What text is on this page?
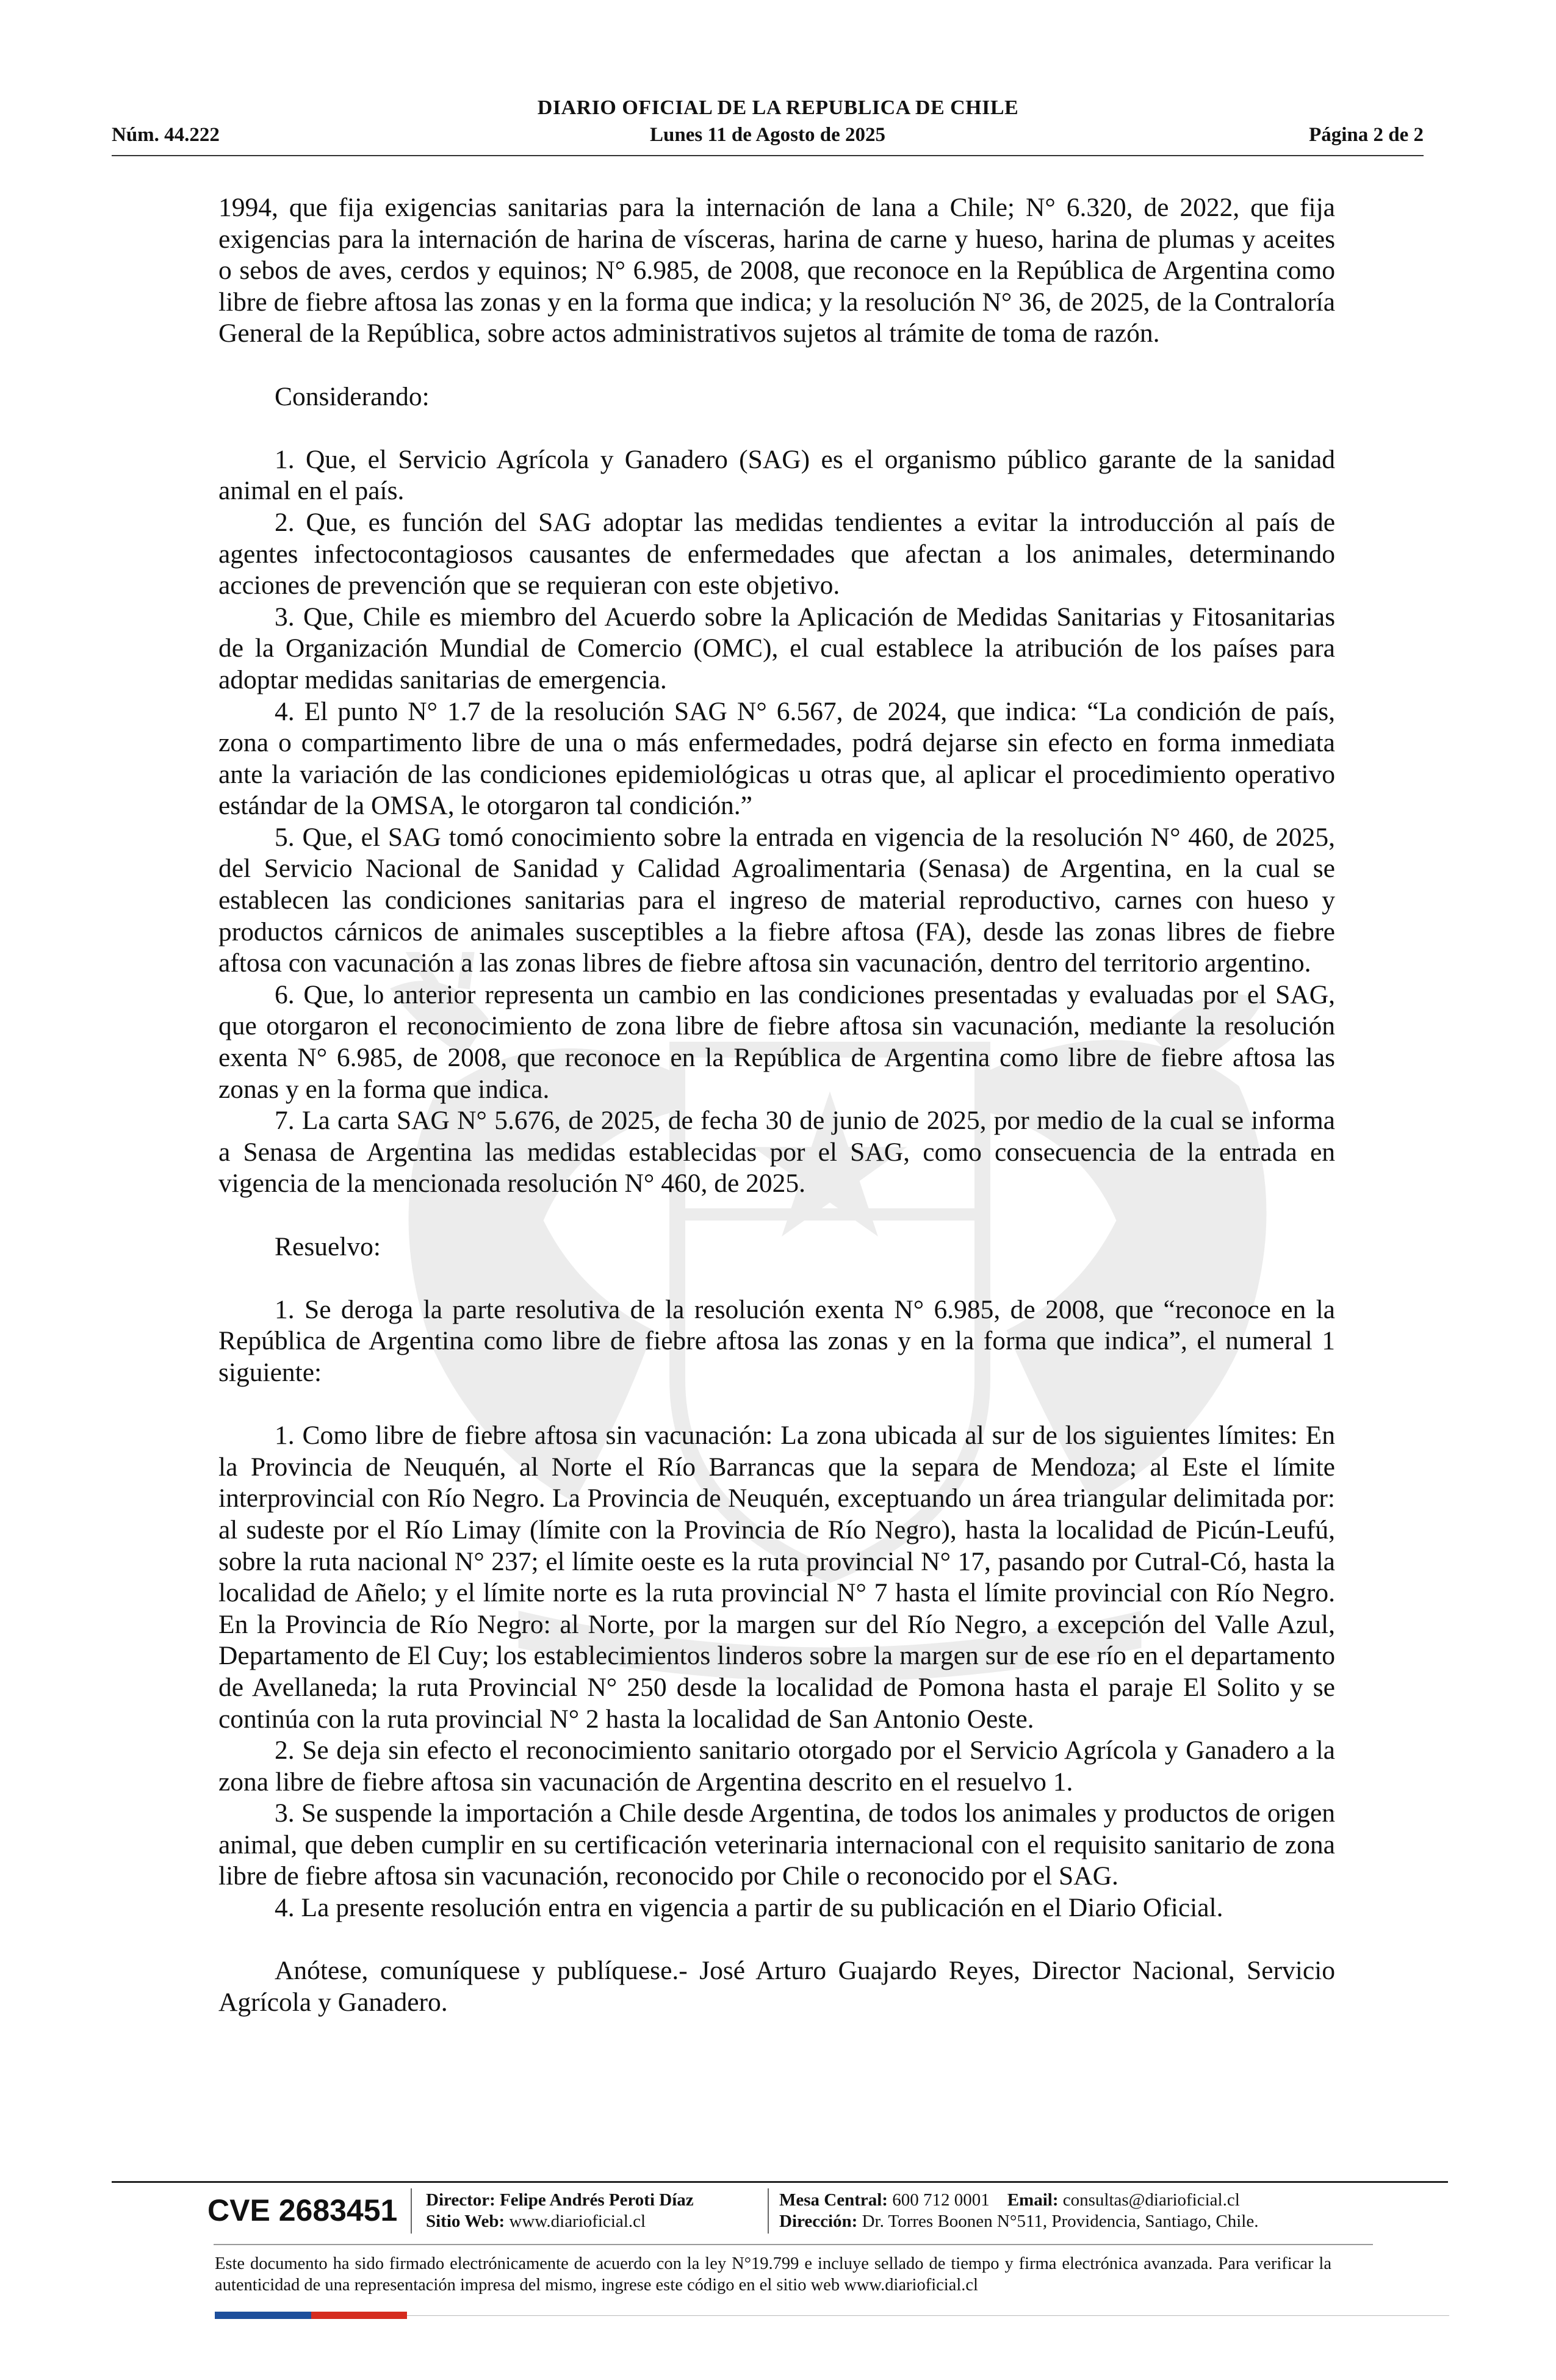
DIARIO OFICIAL DE LA REPUBLICA DE CHILE
Núm. 44.222	Lunes 11 de Agosto de 2025	Página 2 de 2

1994, que fija exigencias sanitarias para la internación de lana a Chile; N° 6.320, de 2022, que fija exigencias para la internación de harina de vísceras, harina de carne y hueso, harina de plumas y aceites o sebos de aves, cerdos y equinos; N° 6.985, de 2008, que reconoce en la República de Argentina como libre de fiebre aftosa las zonas y en la forma que indica; y la resolución N° 36, de 2025, de la Contraloría General de la República, sobre actos administrativos sujetos al trámite de toma de razón.

Considerando:

1. Que, el Servicio Agrícola y Ganadero (SAG) es el organismo público garante de la sanidad animal en el país.

2. Que, es función del SAG adoptar las medidas tendientes a evitar la introducción al país de agentes infectocontagiosos causantes de enfermedades que afectan a los animales, determinando acciones de prevención que se requieran con este objetivo.

3. Que, Chile es miembro del Acuerdo sobre la Aplicación de Medidas Sanitarias y Fitosanitarias de la Organización Mundial de Comercio (OMC), el cual establece la atribución de los países para adoptar medidas sanitarias de emergencia.

4. El punto N° 1.7 de la resolución SAG N° 6.567, de 2024, que indica: “La condición de país, zona o compartimento libre de una o más enfermedades, podrá dejarse sin efecto en forma inmediata ante la variación de las condiciones epidemiológicas u otras que, al aplicar el procedimiento operativo estándar de la OMSA, le otorgaron tal condición.”

5. Que, el SAG tomó conocimiento sobre la entrada en vigencia de la resolución N° 460, de 2025, del Servicio Nacional de Sanidad y Calidad Agroalimentaria (Senasa) de Argentina, en la cual se establecen las condiciones sanitarias para el ingreso de material reproductivo, carnes con hueso y productos cárnicos de animales susceptibles a la fiebre aftosa (FA), desde las zonas libres de fiebre aftosa con vacunación a las zonas libres de fiebre aftosa sin vacunación, dentro del territorio argentino.

6. Que, lo anterior representa un cambio en las condiciones presentadas y evaluadas por el SAG, que otorgaron el reconocimiento de zona libre de fiebre aftosa sin vacunación, mediante la resolución exenta N° 6.985, de 2008, que reconoce en la República de Argentina como libre de fiebre aftosa las zonas y en la forma que indica.

7. La carta SAG N° 5.676, de 2025, de fecha 30 de junio de 2025, por medio de la cual se informa a Senasa de Argentina las medidas establecidas por el SAG, como consecuencia de la entrada en vigencia de la mencionada resolución N° 460, de 2025.

Resuelvo:

1. Se deroga la parte resolutiva de la resolución exenta N° 6.985, de 2008, que “reconoce en la República de Argentina como libre de fiebre aftosa las zonas y en la forma que indica”, el numeral 1 siguiente:

1. Como libre de fiebre aftosa sin vacunación: La zona ubicada al sur de los siguientes límites: En la Provincia de Neuquén, al Norte el Río Barrancas que la separa de Mendoza; al Este el límite interprovincial con Río Negro. La Provincia de Neuquén, exceptuando un área triangular delimitada por: al sudeste por el Río Limay (límite con la Provincia de Río Negro), hasta la localidad de Picún-Leufú, sobre la ruta nacional N° 237; el límite oeste es la ruta provincial N° 17, pasando por Cutral-Có, hasta la localidad de Añelo; y el límite norte es la ruta provincial N° 7 hasta el límite provincial con Río Negro. En la Provincia de Río Negro: al Norte, por la margen sur del Río Negro, a excepción del Valle Azul, Departamento de El Cuy; los establecimientos linderos sobre la margen sur de ese río en el departamento de Avellaneda; la ruta Provincial N° 250 desde la localidad de Pomona hasta el paraje El Solito y se continúa con la ruta provincial N° 2 hasta la localidad de San Antonio Oeste.

2. Se deja sin efecto el reconocimiento sanitario otorgado por el Servicio Agrícola y Ganadero a la zona libre de fiebre aftosa sin vacunación de Argentina descrito en el resuelvo 1.

3. Se suspende la importación a Chile desde Argentina, de todos los animales y productos de origen animal, que deben cumplir en su certificación veterinaria internacional con el requisito sanitario de zona libre de fiebre aftosa sin vacunación, reconocido por Chile o reconocido por el SAG.

4. La presente resolución entra en vigencia a partir de su publicación en el Diario Oficial.

Anótese, comuníquese y publíquese.- José Arturo Guajardo Reyes, Director Nacional, Servicio Agrícola y Ganadero.

CVE 2683451 Director: Felipe Andrés Peroti Díaz
Sitio Web: www.diarioficial.cl
Mesa Central: 600 712 0001 Email: consultas@diarioficial.cl
Dirección: Dr. Torres Boonen N°511, Providencia, Santiago, Chile.
Este documento ha sido firmado electrónicamente de acuerdo con la ley N°19.799 e incluye sellado de tiempo y firma electrónica avanzada. Para verificar la autenticidad de una representación impresa del mismo, ingrese este código en el sitio web www.diarioficial.cl
